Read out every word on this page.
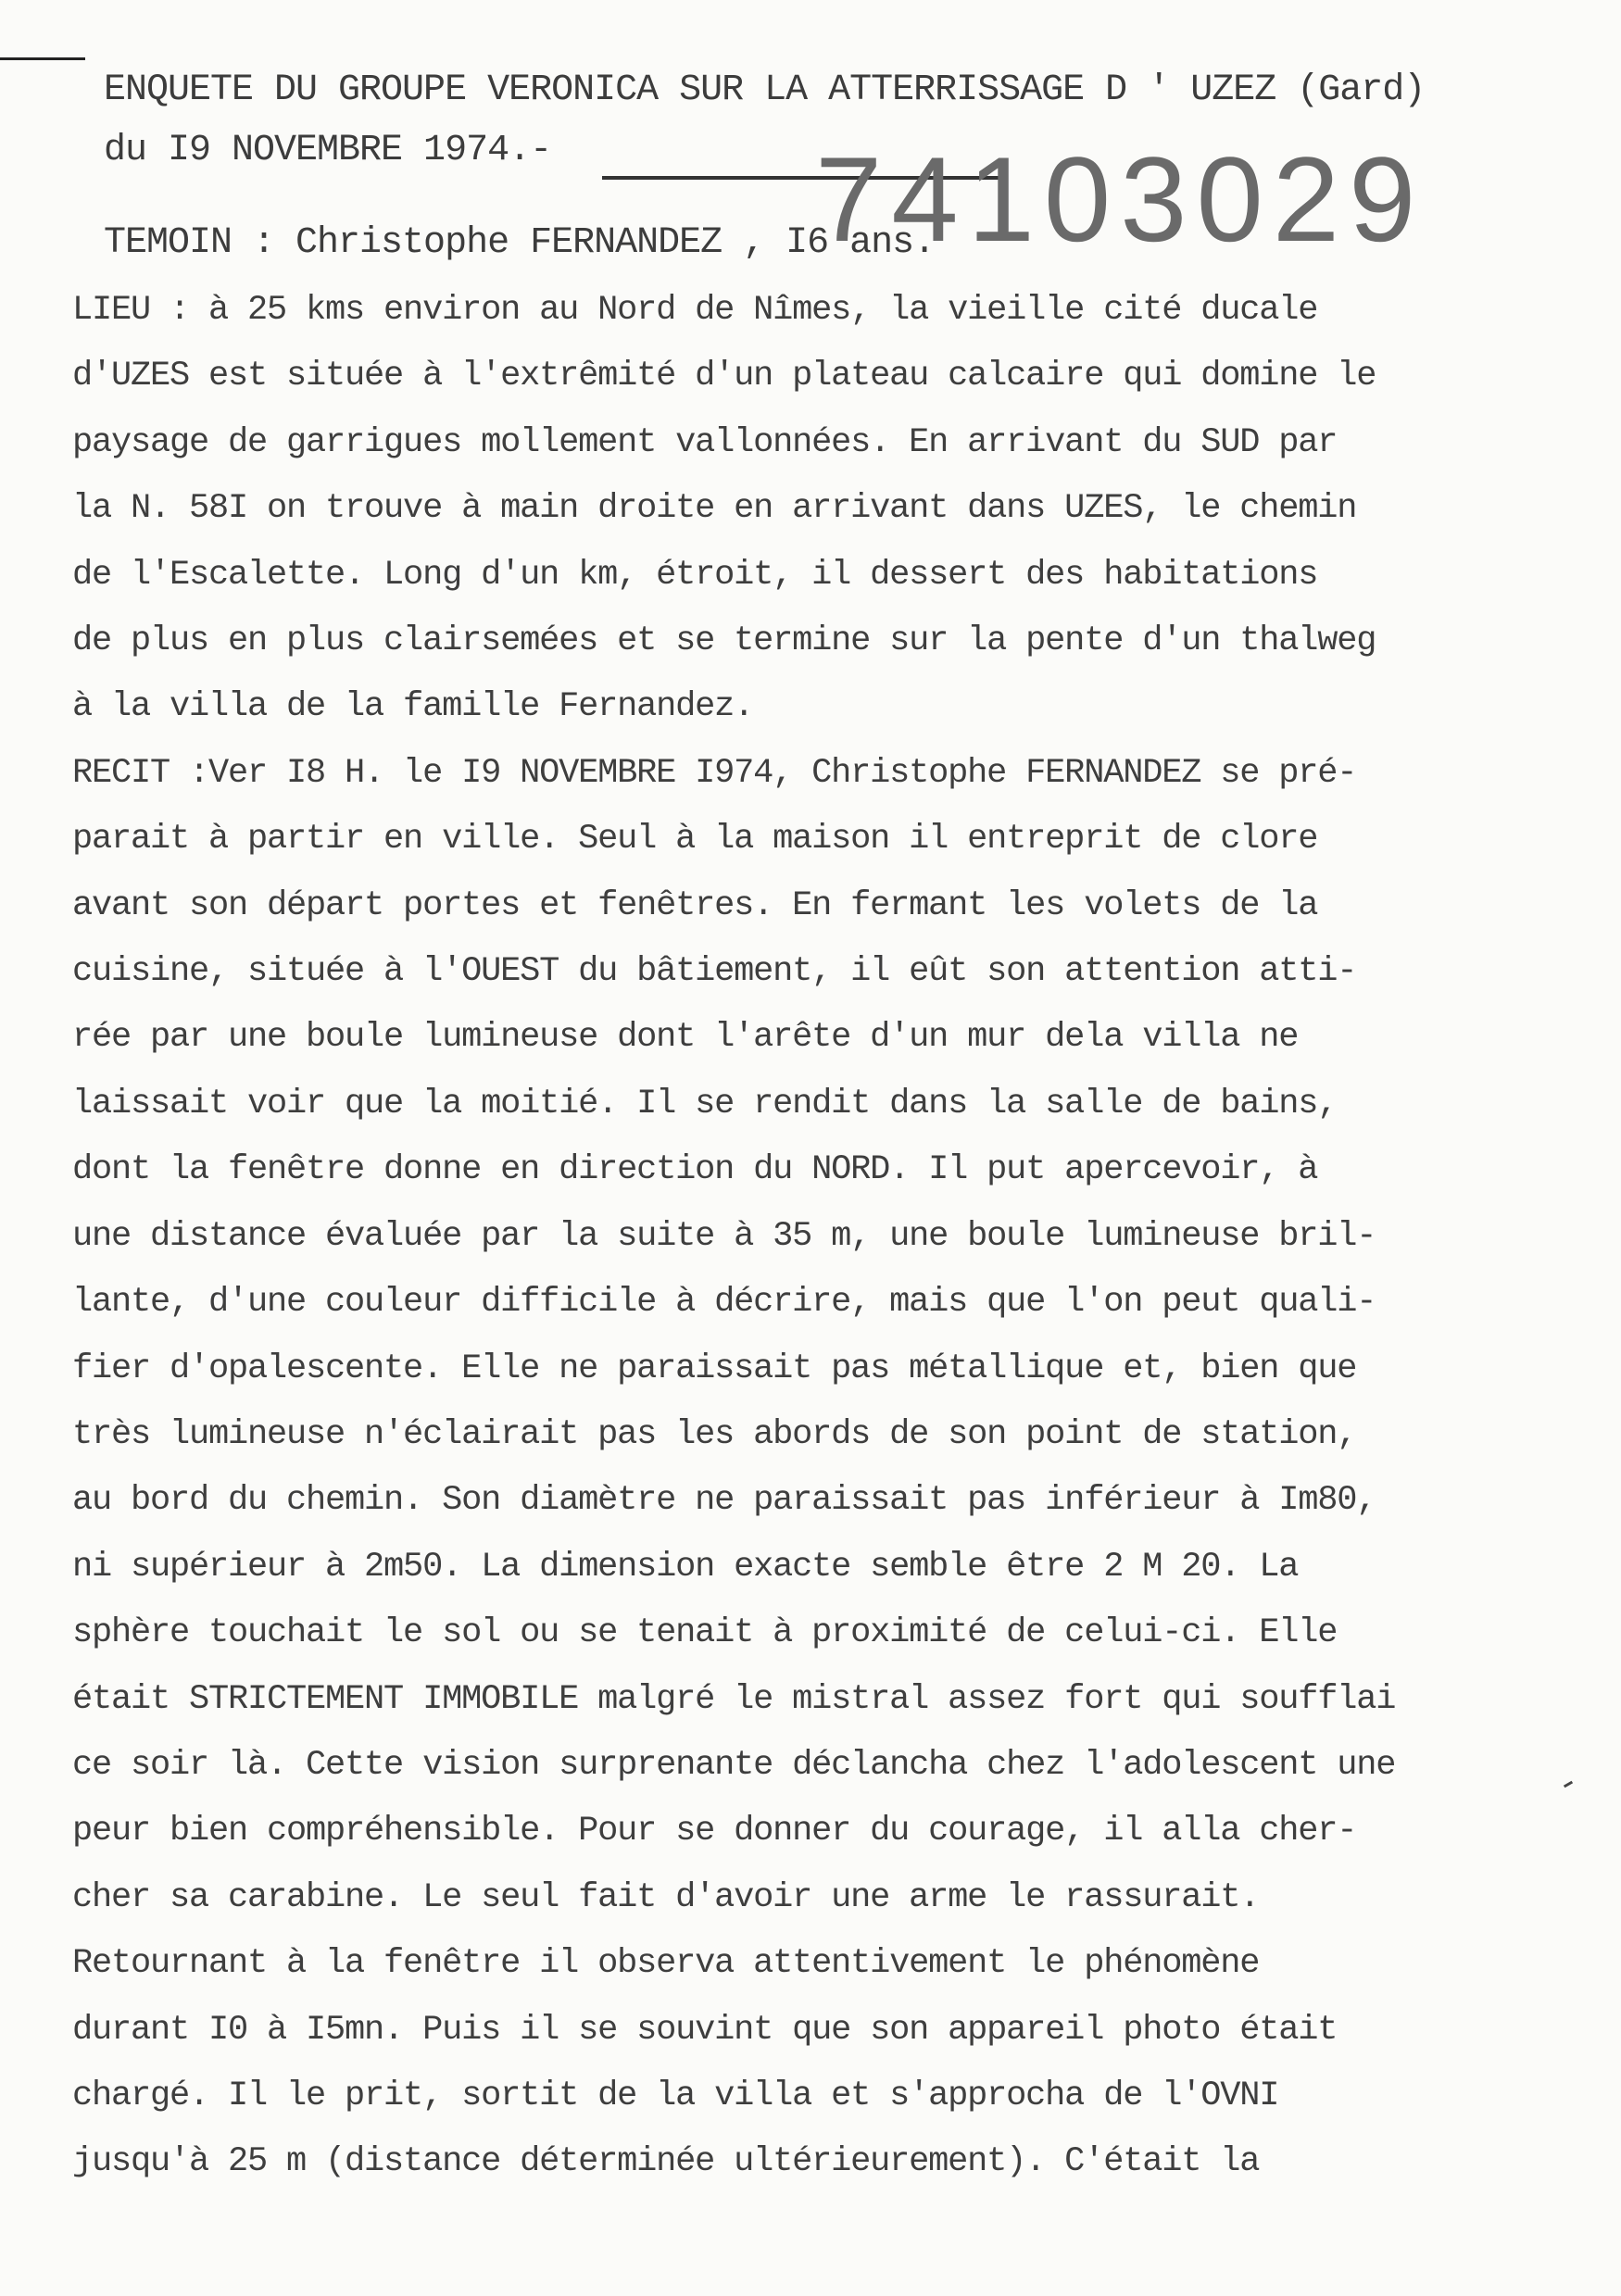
ENQUETE DU GROUPE VERONICA SUR LA ATTERRISSAGE D ' UZEZ (Gard)
du I9 NOVEMBRE 1974.- 74103029
TEMOIN : Christophe FERNANDEZ , I6 ans.
LIEU : à 25 kms environ au Nord de Nîmes, la vieille cité ducale
d'UZES est située à l'extrêmité d'un plateau calcaire qui domine le
paysage de garrigues mollement vallonnées. En arrivant du SUD par
la N. 58I on trouve à main droite en arrivant dans UZES, le chemin
de l'Escalette. Long d'un km, étroit, il dessert des habitations
de plus en plus clairsemées et se termine sur la pente d'un thalweg
à la villa de la famille Fernandez.
RECIT :Ver I8 H. le I9 NOVEMBRE I974, Christophe FERNANDEZ se pré-
parait à partir en ville. Seul à la maison il entreprit de clore
avant son départ portes et fenêtres. En fermant les volets de la
cuisine, située à l'OUEST du bâtiement, il eût son attention atti-
rée par une boule lumineuse dont l'arête d'un mur dela villa ne
laissait voir que la moitié. Il se rendit dans la salle de bains,
dont la fenêtre donne en direction du NORD. Il put apercevoir, à
une distance évaluée par la suite à 35 m, une boule lumineuse bril-
lante, d'une couleur difficile à décrire, mais que l'on peut quali-
fier d'opalescente. Elle ne paraissait pas métallique et, bien que
très lumineuse n'éclairait pas les abords de son point de station,
au bord du chemin. Son diamètre ne paraissait pas inférieur à Im80,
ni supérieur à 2m50. La dimension exacte semble être 2 M 20. La
sphère touchait le sol ou se tenait à proximité de celui-ci. Elle
était STRICTEMENT IMMOBILE malgré le mistral assez fort qui soufflai
ce soir là. Cette vision surprenante déclancha chez l'adolescent une
peur bien compréhensible. Pour se donner du courage, il alla cher-
cher sa carabine. Le seul fait d'avoir une arme le rassurait.
Retournant à la fenêtre il observa attentivement le phénomène
durant I0 à I5mn. Puis il se souvint que son appareil photo était
chargé. Il le prit, sortit de la villa et s'approcha de l'OVNI
jusqu'à 25 m (distance déterminée ultérieurement). C'était la
